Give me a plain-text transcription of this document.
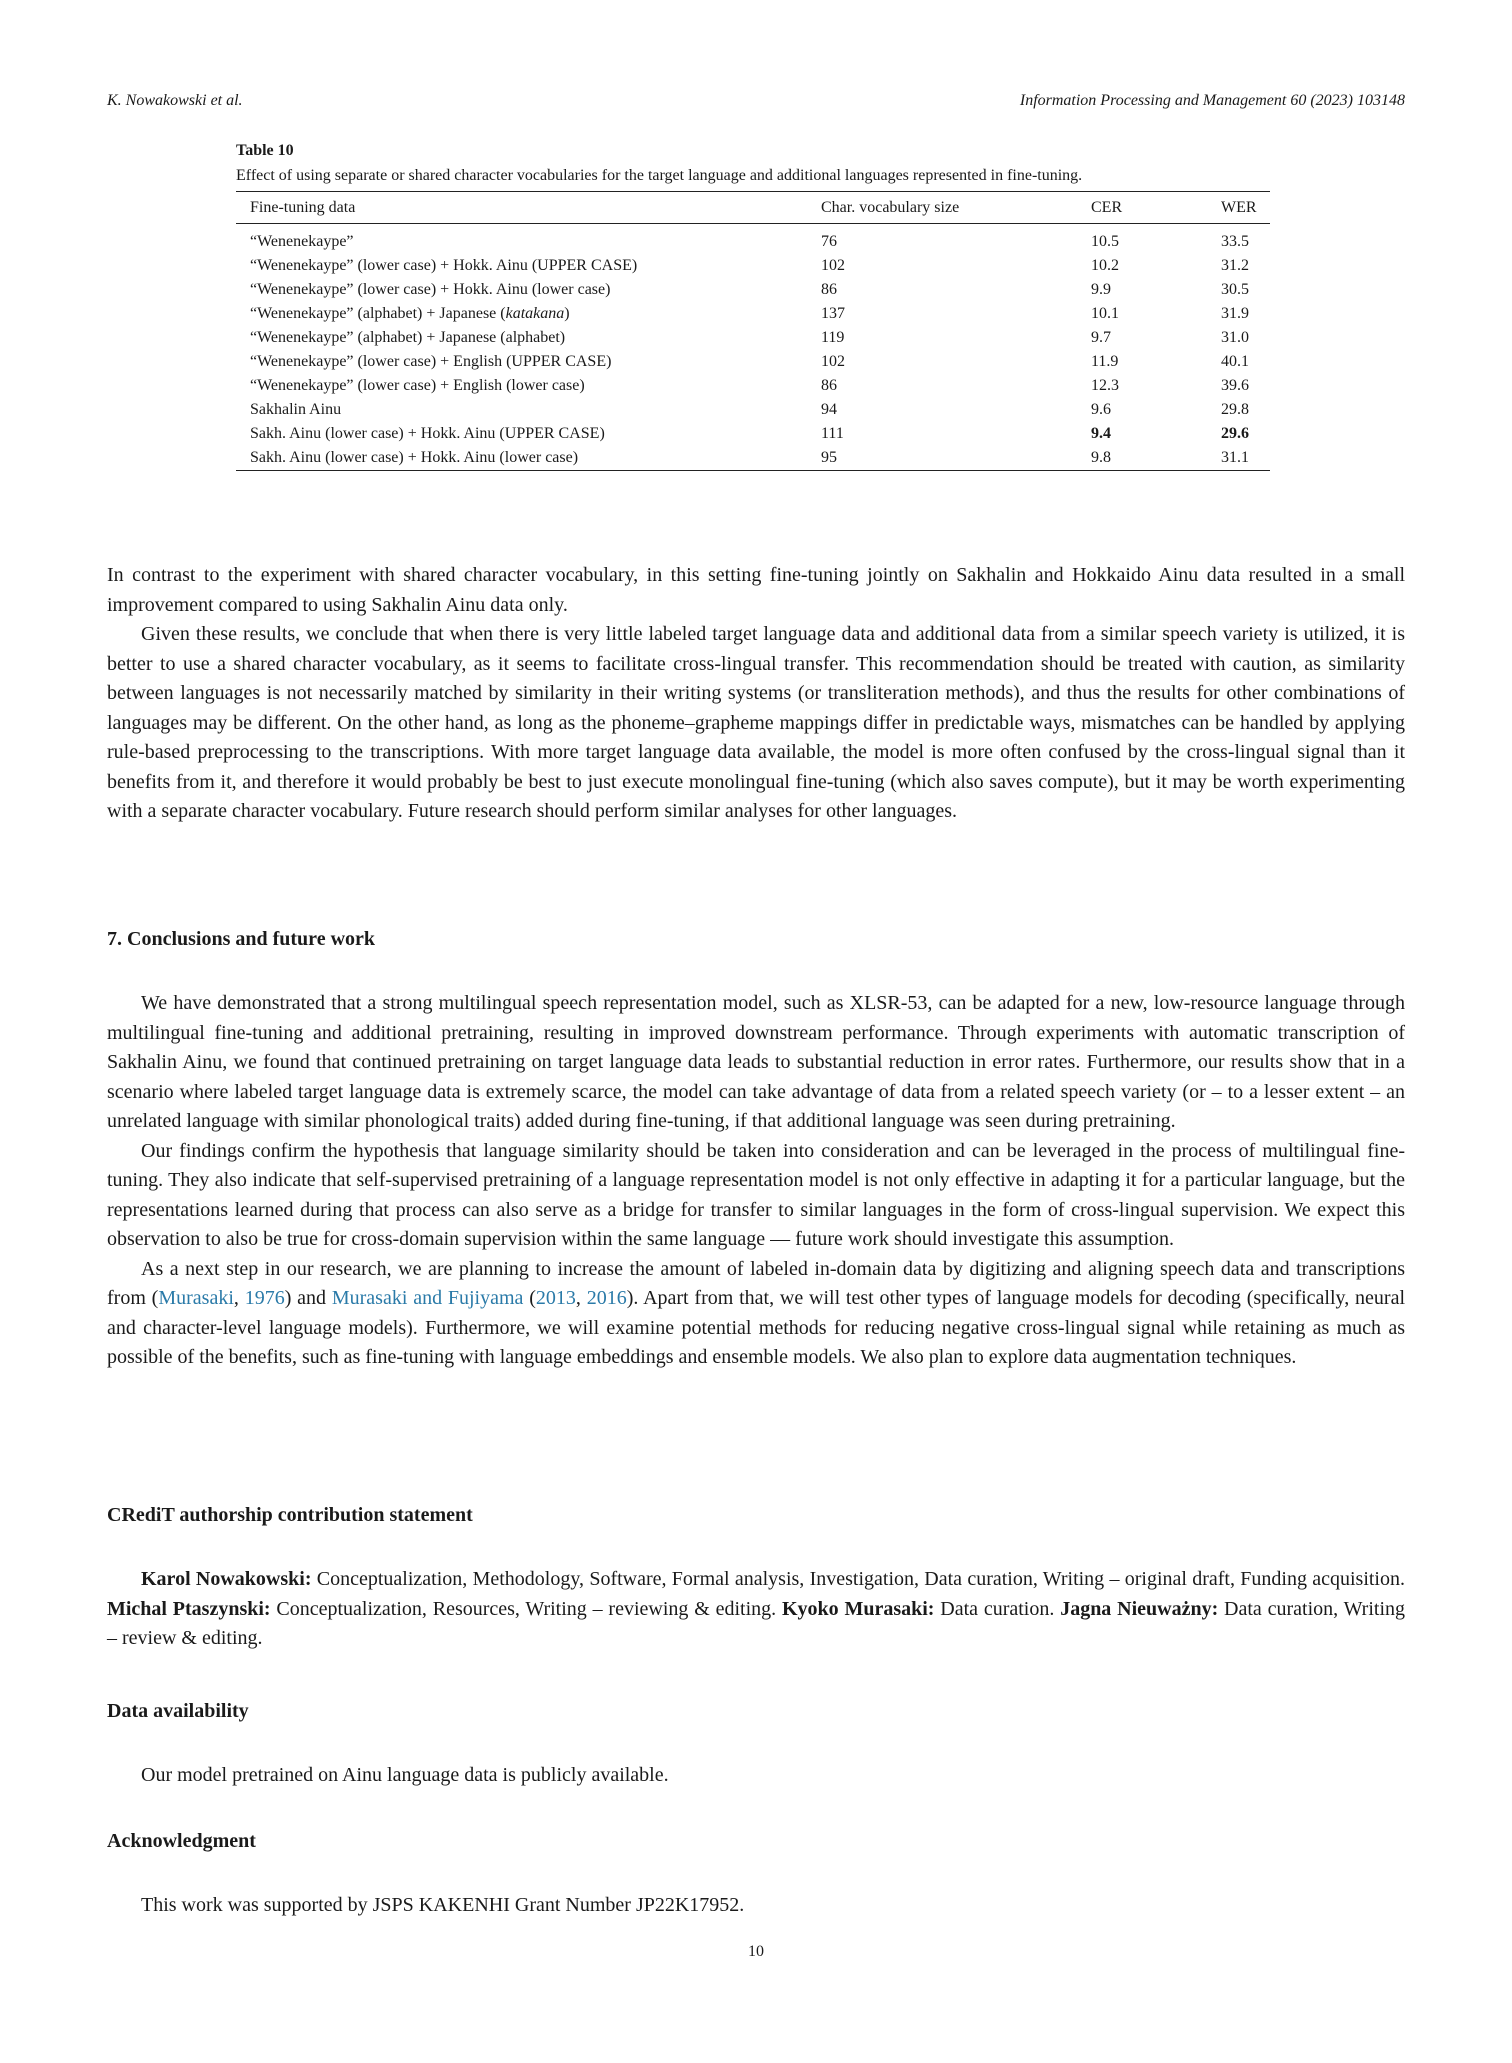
K. Nowakowski et al.	Information Processing and Management 60 (2023) 103148

Table 10

Effect of using separate or shared character vocabularies for the target language and additional languages represented in fine-tuning.

Fine-tuning data	Char. vocabulary size	CER	WER
“Wenenekaype”	76	10.5	33.5
“Wenenekaype” (lower case) + Hokk. Ainu (UPPER CASE)	102	10.2	31.2
“Wenenekaype” (lower case) + Hokk. Ainu (lower case)	86	9.9	30.5
“Wenenekaype” (alphabet) + Japanese (katakana)	137	10.1	31.9
“Wenenekaype” (alphabet) + Japanese (alphabet)	119	9.7	31.0
“Wenenekaype” (lower case) + English (UPPER CASE)	102	11.9	40.1
“Wenenekaype” (lower case) + English (lower case)	86	12.3	39.6
Sakhalin Ainu	94	9.6	29.8
Sakh. Ainu (lower case) + Hokk. Ainu (UPPER CASE)	111	9.4	29.6
Sakh. Ainu (lower case) + Hokk. Ainu (lower case)	95	9.8	31.1

In contrast to the experiment with shared character vocabulary, in this setting fine-tuning jointly on Sakhalin and Hokkaido Ainu data resulted in a small improvement compared to using Sakhalin Ainu data only.

Given these results, we conclude that when there is very little labeled target language data and additional data from a similar speech variety is utilized, it is better to use a shared character vocabulary, as it seems to facilitate cross-lingual transfer. This recommendation should be treated with caution, as similarity between languages is not necessarily matched by similarity in their writing systems (or transliteration methods), and thus the results for other combinations of languages may be different. On the other hand, as long as the phoneme–grapheme mappings differ in predictable ways, mismatches can be handled by applying rule-based preprocessing to the transcriptions. With more target language data available, the model is more often confused by the cross-lingual signal than it benefits from it, and therefore it would probably be best to just execute monolingual fine-tuning (which also saves compute), but it may be worth experimenting with a separate character vocabulary. Future research should perform similar analyses for other languages.

7. Conclusions and future work

We have demonstrated that a strong multilingual speech representation model, such as XLSR-53, can be adapted for a new, low-resource language through multilingual fine-tuning and additional pretraining, resulting in improved downstream performance. Through experiments with automatic transcription of Sakhalin Ainu, we found that continued pretraining on target language data leads to substantial reduction in error rates. Furthermore, our results show that in a scenario where labeled target language data is extremely scarce, the model can take advantage of data from a related speech variety (or – to a lesser extent – an unrelated language with similar phonological traits) added during fine-tuning, if that additional language was seen during pretraining.

Our findings confirm the hypothesis that language similarity should be taken into consideration and can be leveraged in the process of multilingual fine-tuning. They also indicate that self-supervised pretraining of a language representation model is not only effective in adapting it for a particular language, but the representations learned during that process can also serve as a bridge for transfer to similar languages in the form of cross-lingual supervision. We expect this observation to also be true for cross-domain supervision within the same language — future work should investigate this assumption.

As a next step in our research, we are planning to increase the amount of labeled in-domain data by digitizing and aligning speech data and transcriptions from (Murasaki, 1976) and Murasaki and Fujiyama (2013, 2016). Apart from that, we will test other types of language models for decoding (specifically, neural and character-level language models). Furthermore, we will examine potential methods for reducing negative cross-lingual signal while retaining as much as possible of the benefits, such as fine-tuning with language embeddings and ensemble models. We also plan to explore data augmentation techniques.

CRediT authorship contribution statement

Karol Nowakowski: Conceptualization, Methodology, Software, Formal analysis, Investigation, Data curation, Writing – original draft, Funding acquisition. Michal Ptaszynski: Conceptualization, Resources, Writing – reviewing & editing. Kyoko Murasaki: Data curation. Jagna Nieuważny: Data curation, Writing – review & editing.

Data availability

Our model pretrained on Ainu language data is publicly available.

Acknowledgment

This work was supported by JSPS KAKENHI Grant Number JP22K17952.

10
